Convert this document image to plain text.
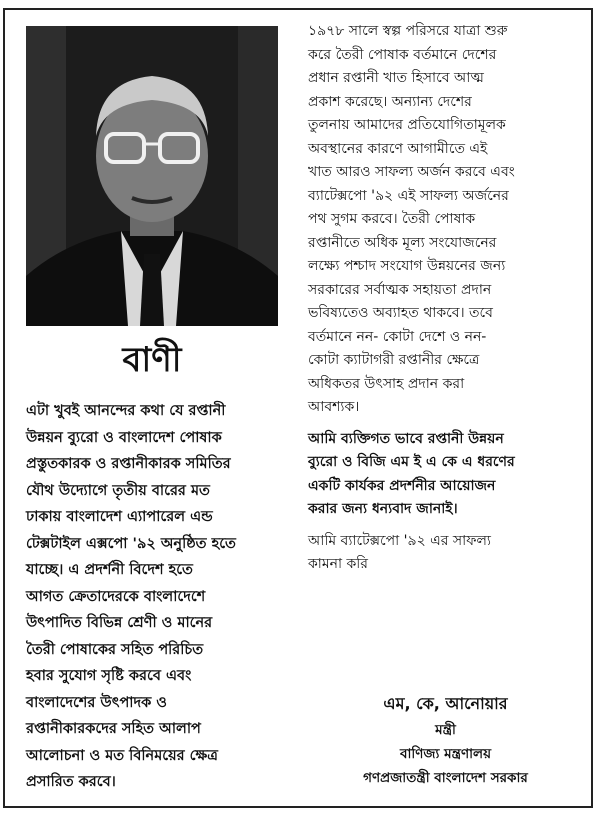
বাণী
এটা খুবই আনন্দের কথা যে রপ্তানী
উন্নয়ন ব্যুরো ও বাংলাদেশ পোষাক
প্রস্তুতকারক ও রপ্তানীকারক সমিতির
যৌথ উদ্যোগে তৃতীয় বারের মত
ঢাকায় বাংলাদেশ এ্যাপারেল এন্ড
টেক্সটাইল এক্সপো '৯২ অনুষ্ঠিত হতে
যাচ্ছে। এ প্রদর্শনী বিদেশ হতে
আগত ক্রেতাদেরকে বাংলাদেশে
উৎপাদিত বিভিন্ন শ্রেণী ও মানের
তৈরী পোষাকের সহিত পরিচিত
হবার সুযোগ সৃষ্টি করবে এবং
বাংলাদেশের উৎপাদক ও
রপ্তানীকারকদের সহিত আলাপ
আলোচনা ও মত বিনিময়ের ক্ষেত্র
প্রসারিত করবে।

১৯৭৮ সালে স্বল্প পরিসরে যাত্রা শুরু
করে তৈরী পোষাক বর্তমানে দেশের
প্রধান রপ্তানী খাত হিসাবে আত্ম
প্রকাশ করেছে। অন্যান্য দেশের
তুলনায় আমাদের প্রতিযোগিতামূলক
অবস্থানের কারণে আগামীতে এই
খাত আরও সাফল্য অর্জন করবে এবং
ব্যাটেক্সপো '৯২ এই সাফল্য অর্জনের
পথ সুগম করবে। তৈরী পোষাক
রপ্তানীতে অধিক মূল্য সংযোজনের
লক্ষ্যে পশ্চাদ সংযোগ উন্নয়নের জন্য
সরকারের সর্বাত্মক সহায়তা প্রদান
ভবিষ্যতেও অব্যাহত থাকবে। তবে
বর্তমানে নন- কোটা দেশে ও নন-
কোটা ক্যাটাগরী রপ্তানীর ক্ষেত্রে
অধিকতর উৎসাহ প্রদান করা
আবশ্যক।

আমি ব্যক্তিগত ভাবে রপ্তানী উন্নয়ন
ব্যুরো ও বিজি এম ই এ কে এ ধরণের
একটি কার্যকর প্রদর্শনীর আয়োজন
করার জন্য ধন্যবাদ জানাই।

আমি ব্যাটেক্সপো '৯২ এর সাফল্য
কামনা করি

এম, কে, আনোয়ার
মন্ত্রী
বাণিজ্য মন্ত্রণালয়
গণপ্রজাতন্ত্রী বাংলাদেশ সরকার
